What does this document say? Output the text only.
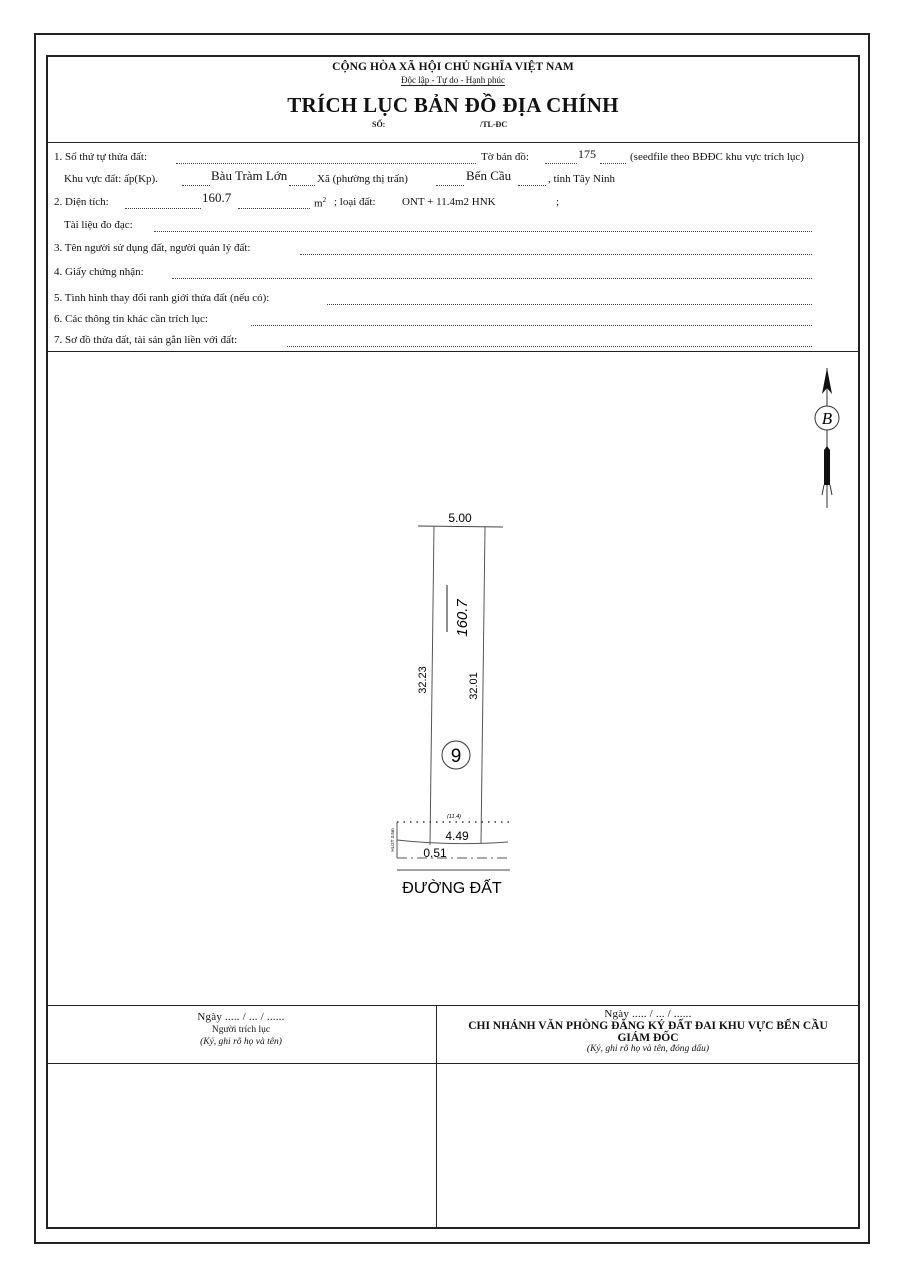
CỘNG HÒA XÃ HỘI CHỦ NGHĨA VIỆT NAM
Độc lập - Tự do - Hạnh phúc
TRÍCH LỤC BẢN ĐỒ ĐỊA CHÍNH
SỐ:	/TL-ĐC
1. Số thứ tự thửa đất:	Tờ bản đồ:	175	(seedfile theo BĐĐC khu vực trích lục)
Khu vực đất: ấp(Kp).	Bàu Tràm Lớn	Xã (phường thị trấn)	Bến Cầu	, tỉnh Tây Ninh
2. Diện tích:	160.7	$m^2$ ; loại đất: ONT + 11.4m2 HNK	;
Tài liệu đo đạc:
3. Tên người sử dụng đất, người quản lý đất:
4. Giấy chứng nhận:
5. Tình hình thay đổi ranh giới thửa đất (nếu có):
6. Các thông tin khác cần trích lục:
7. Sơ đồ thửa đất, tài sản gắn liền với đất:
B
5.00
160.7
32.23	32.01
9
(11.4)
4.49
0.51
HLGT 3.5m
ĐƯỜNG ĐẤT
Ngày ..... / ... / ......
Người trích lục
(Ký, ghi rõ họ và tên)
Ngày ..... / ... / ......
CHI NHÁNH VĂN PHÒNG ĐĂNG KÝ ĐẤT ĐAI KHU VỰC BẾN CẦU
GIÁM ĐỐC
(Ký, ghi rõ họ và tên, đóng dấu)
